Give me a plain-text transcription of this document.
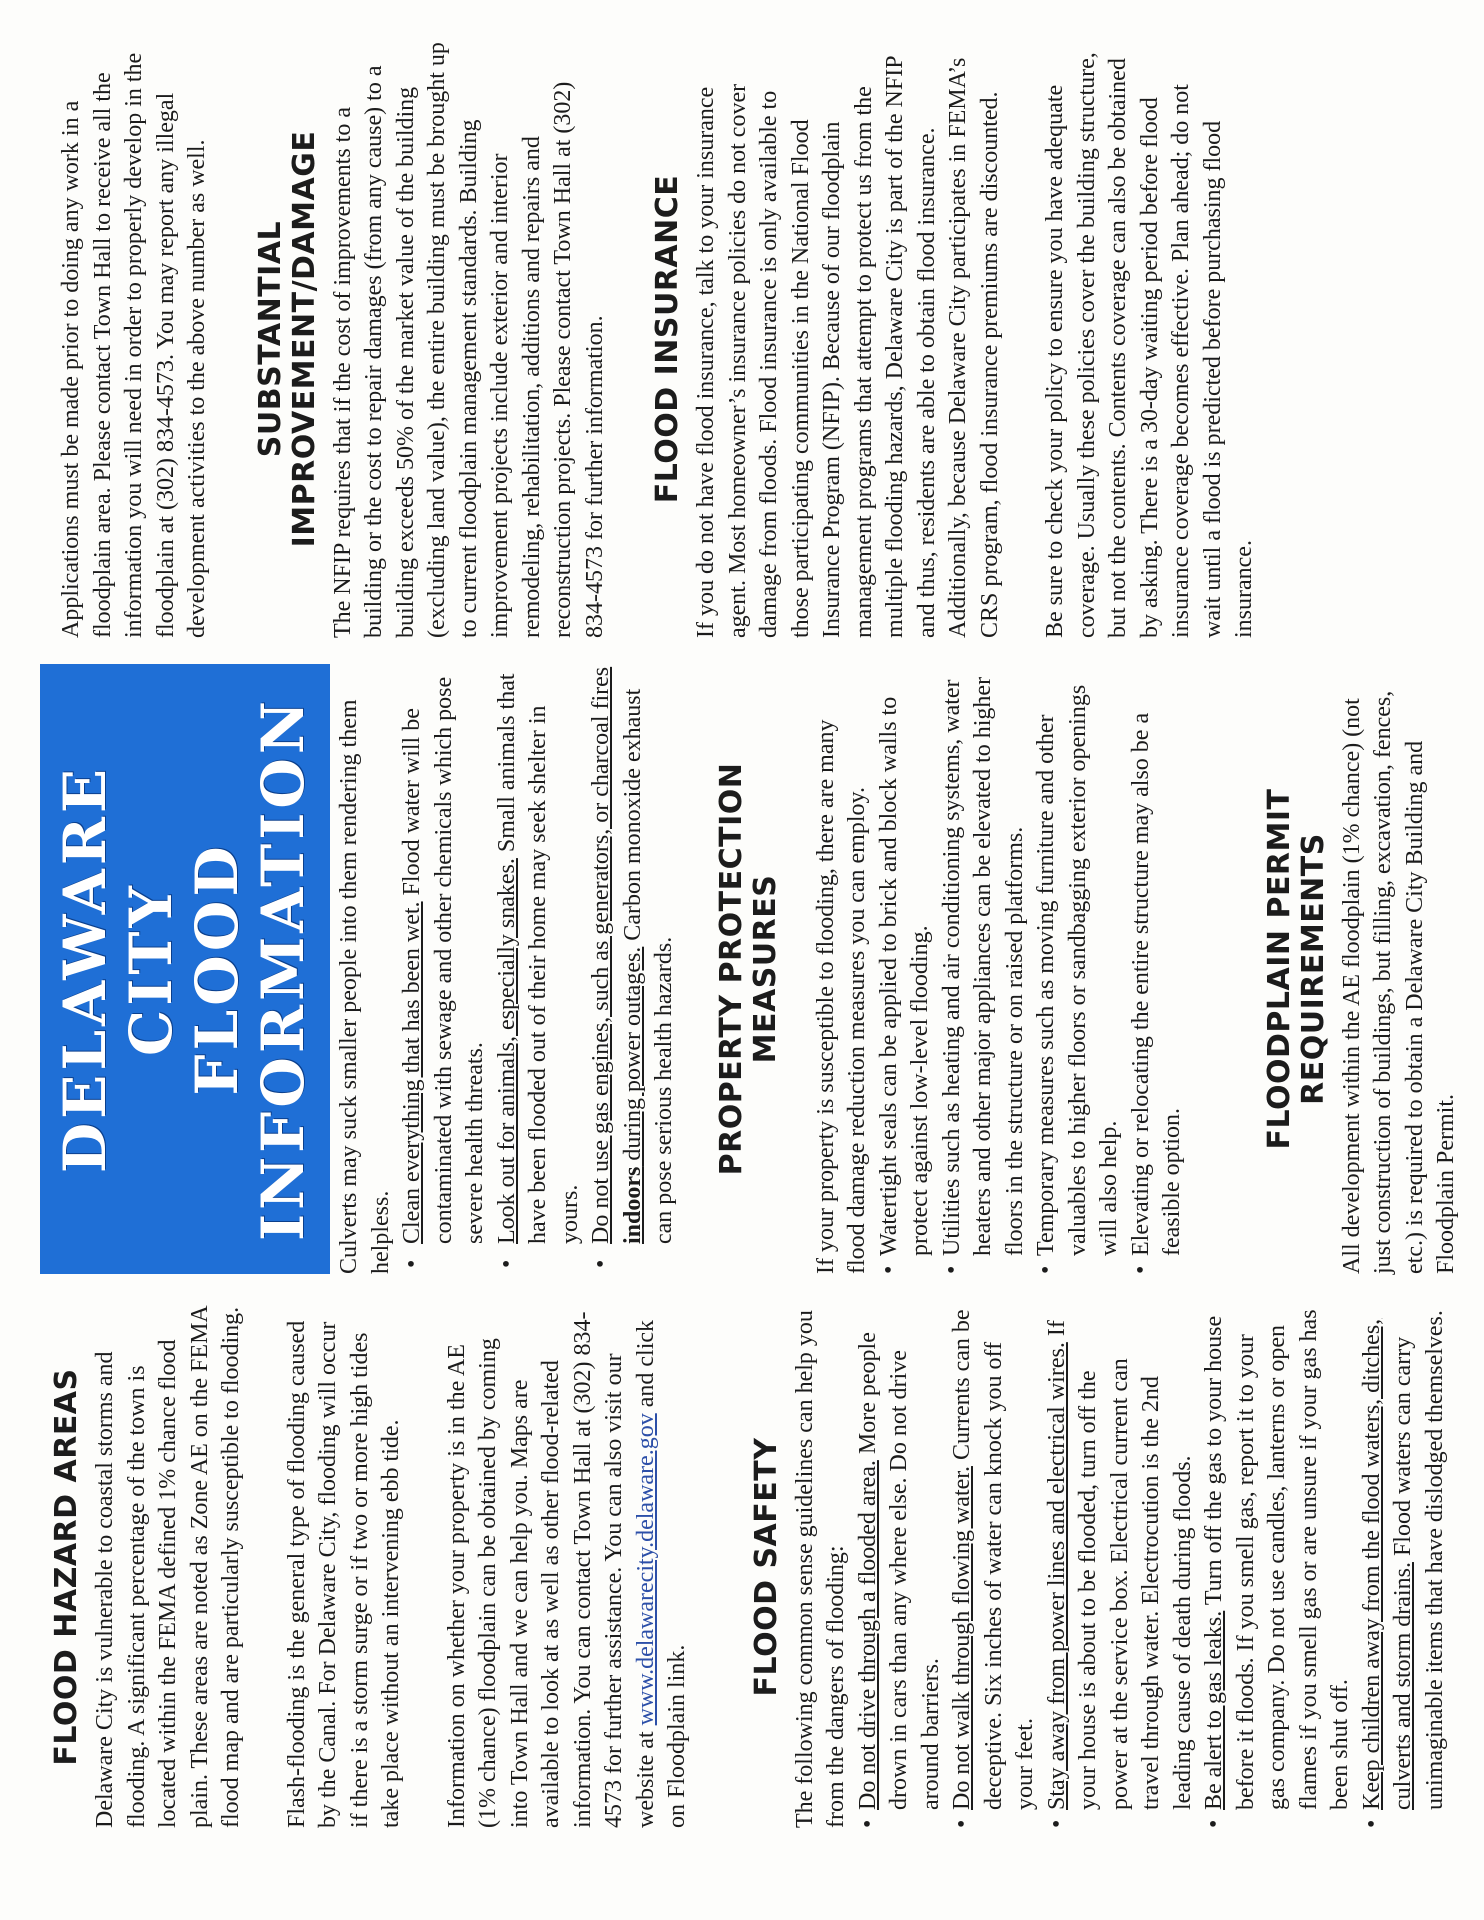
FLOOD HAZARD AREAS Delaware City is vulnerable to coastal storms and flooding. A significant percentage of the town is located within the FEMA defined 1% chance flood plain. These areas are noted as Zone AE on the FEMA flood map and are particularly susceptible to flooding. Flash-flooding is the general type of flooding caused by the Canal. For Delaware City, flooding will occur if there is a storm surge or if two or more high tides take place without an intervening ebb tide. Information on whether your property is in the AE (1% chance) floodplain can be obtained by coming into Town Hall and we can help you. Maps are available to look at as well as other flood-related information. You can contact Town Hall at (302) 834-4573 for further assistance. You can also visit our website at www.delawarecity.delaware.gov and click on Floodplain link.

FLOOD SAFETY The following common sense guidelines can help you from the dangers of flooding: • Do not drive through a flooded area. More people drown in cars than any where else. Do not drive around barriers. • Do not walk through flowing water. Currents can be deceptive. Six inches of water can knock you off your feet. • Stay away from power lines and electrical wires. If your house is about to be flooded, turn off the power at the service box. Electrical current can travel through water. Electrocution is the 2nd leading cause of death during floods. • Be alert to gas leaks. Turn off the gas to your house before it floods. If you smell gas, report it to your gas company. Do not use candles, lanterns or open flames if you smell gas or are unsure if your gas has been shut off. • Keep children away from the flood waters, ditches, culverts and storm drains. Flood waters can carry unimaginable items that have dislodged themselves.
DELAWARE
CITY
FLOOD
INFORMATION Culverts may suck smaller people into them rendering them helpless. • Clean everything that has been wet. Flood water will be contaminated with sewage and other chemicals which pose severe health threats. • Look out for animals, especially snakes. Small animals that have been flooded out of their home may seek shelter in yours. • Do not use gas engines, such as generators, or charcoal fires indoors during power outages. Carbon monoxide exhaust can pose serious health hazards. PROPERTY PROTECTION MEASURES If your property is susceptible to flooding, there are many flood damage reduction measures you can employ. • Watertight seals can be applied to brick and block walls to protect against low-level flooding. • Utilities such as heating and air conditioning systems, water heaters and other major appliances can be elevated to higher floors in the structure or on raised platforms. • Temporary measures such as moving furniture and other valuables to higher floors or sandbagging exterior openings will also help. • Elevating or relocating the entire structure may also be a feasible option.
FLOODPLAIN PERMIT REQUIREMENTS All development within the AE floodplain (1% chance) (not just construction of buildings, but filling, excavation, fences, etc.) is required to obtain a Delaware City Building and Floodplain Permit.

Applications must be made prior to doing any work in a floodplain area. Please contact Town Hall to receive all the information you will need in order to properly develop in the floodplain at (302) 834-4573. You may report any illegal development activities to the above number as well. SUBSTANTIAL IMPROVEMENT/DAMAGE The NFIP requires that if the cost of improvements to a building or the cost to repair damages (from any cause) to a building exceeds 50% of the market value of the building (excluding land value), the entire building must be brought up to current floodplain management standards. Building improvement projects include exterior and interior remodeling, rehabilitation, additions and repairs and reconstruction projects. Please contact Town Hall at (302) 834-4573 for further information. FLOOD INSURANCE If you do not have flood insurance, talk to your insurance agent. Most homeowner’s insurance policies do not cover damage from floods. Flood insurance is only available to those participating communities in the National Flood Insurance Program (NFIP). Because of our floodplain management programs that attempt to protect us from the multiple flooding hazards, Delaware City is part of the NFIP and thus, residents are able to obtain flood insurance. Additionally, because Delaware City participates in FEMA’s CRS program, flood insurance premiums are discounted. Be sure to check your policy to ensure you have adequate coverage. Usually these policies cover the building structure, but not the contents. Contents coverage can also be obtained by asking. There is a 30-day waiting period before flood insurance coverage becomes effective. Plan ahead; do not wait until a flood is predicted before purchasing flood insurance.
